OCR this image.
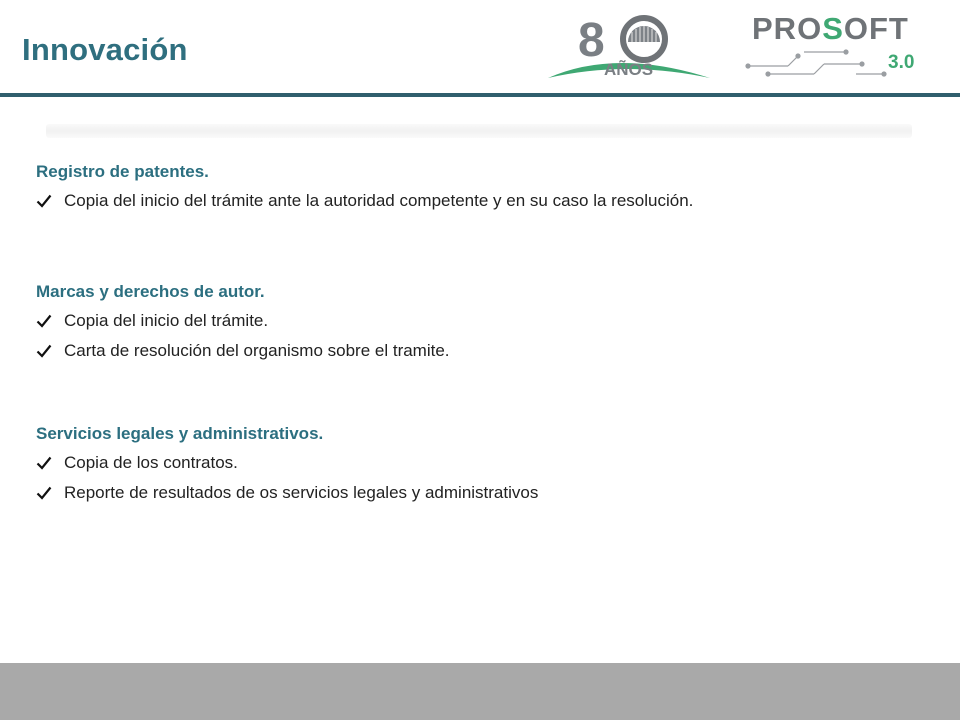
Innovación	8
AÑOS
PROSOFT
3.0
Registro de patentes.
Copia del inicio del trámite ante la autoridad competente y en su caso la resolución.
Marcas y derechos de autor.
Copia del inicio del trámite.
Carta de resolución del organismo sobre el tramite.
Servicios legales y administrativos.
Copia de los contratos.
Reporte de resultados de os servicios legales y administrativos
